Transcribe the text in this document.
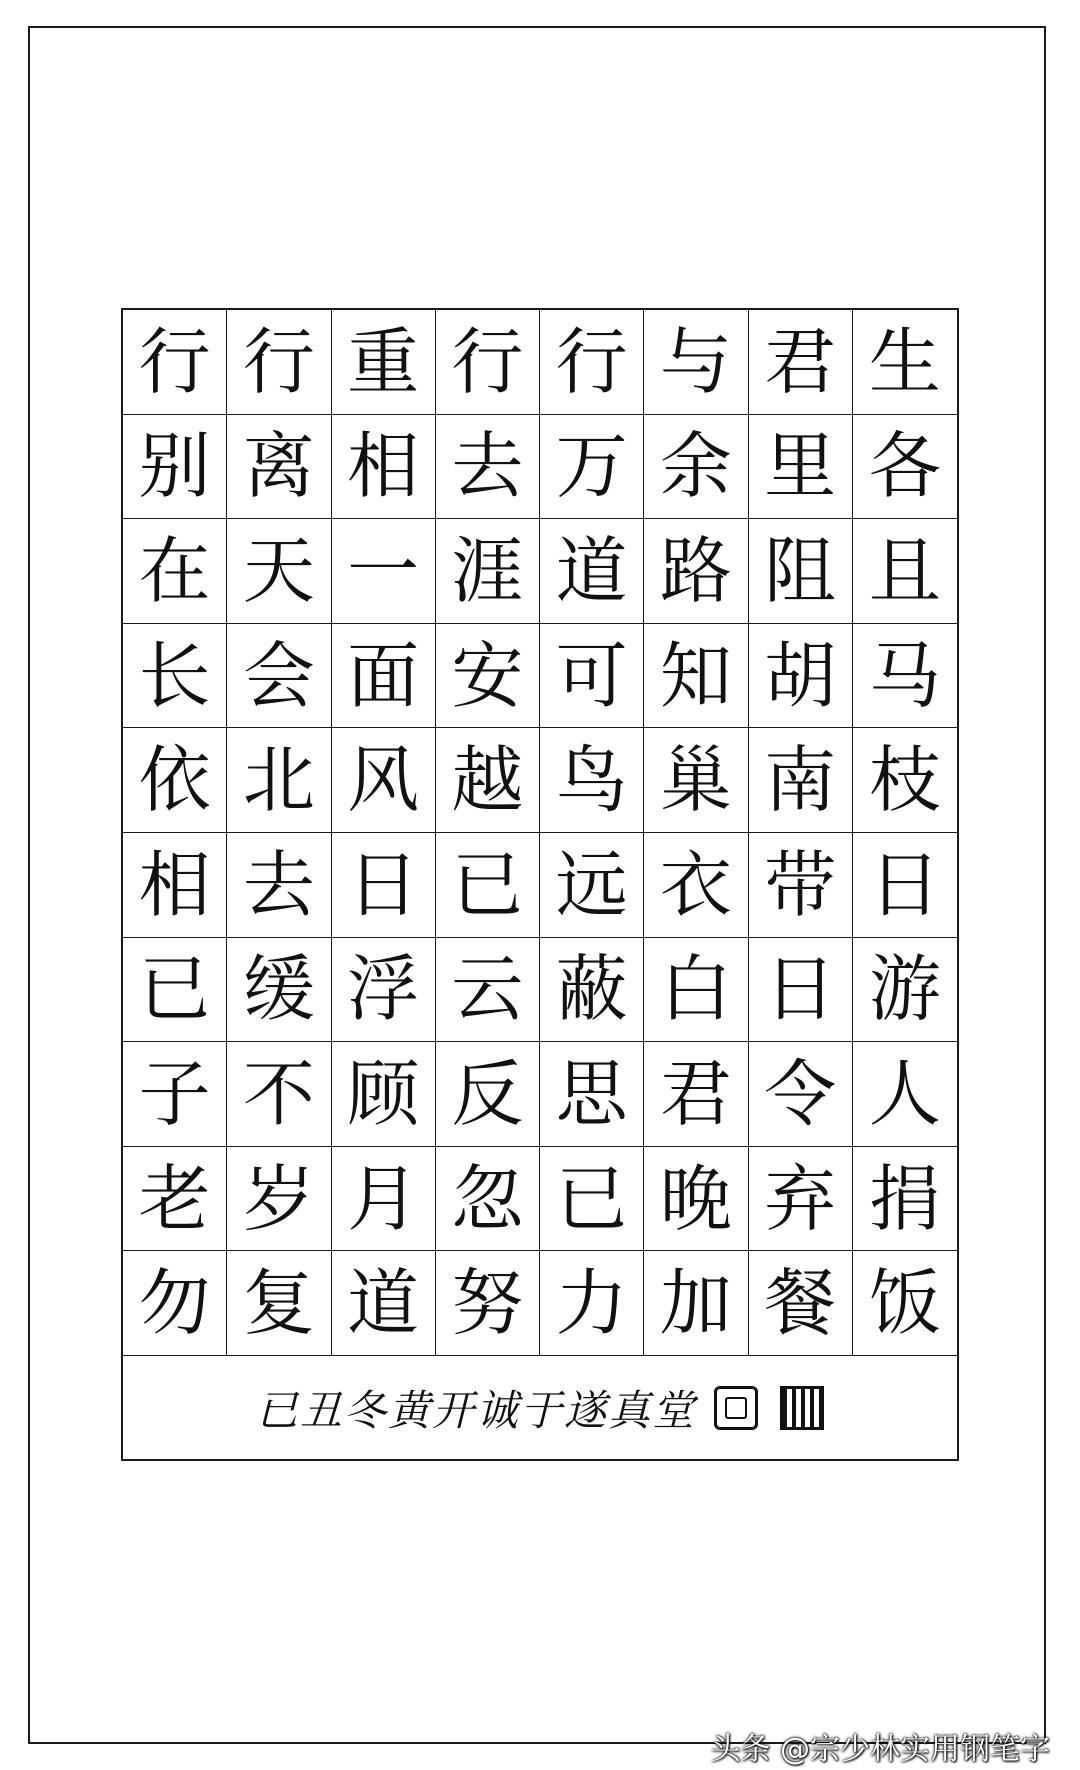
行 行 重 行 行 与 君 生
别 离 相 去 万 余 里 各
在 天 一 涯 道 路 阻 且
长 会 面 安 可 知 胡 马
依 北 风 越 鸟 巢 南 枝
相 去 日 已 远 衣 带 日
已 缓 浮 云 蔽 白 日 游
子 不 顾 反 思 君 令 人
老 岁 月 忽 已 晚 弃 捐
勿 复 道 努 力 加 餐 饭
已丑冬黄开诚于遂真堂
头条 @宗少林实用钢笔字
